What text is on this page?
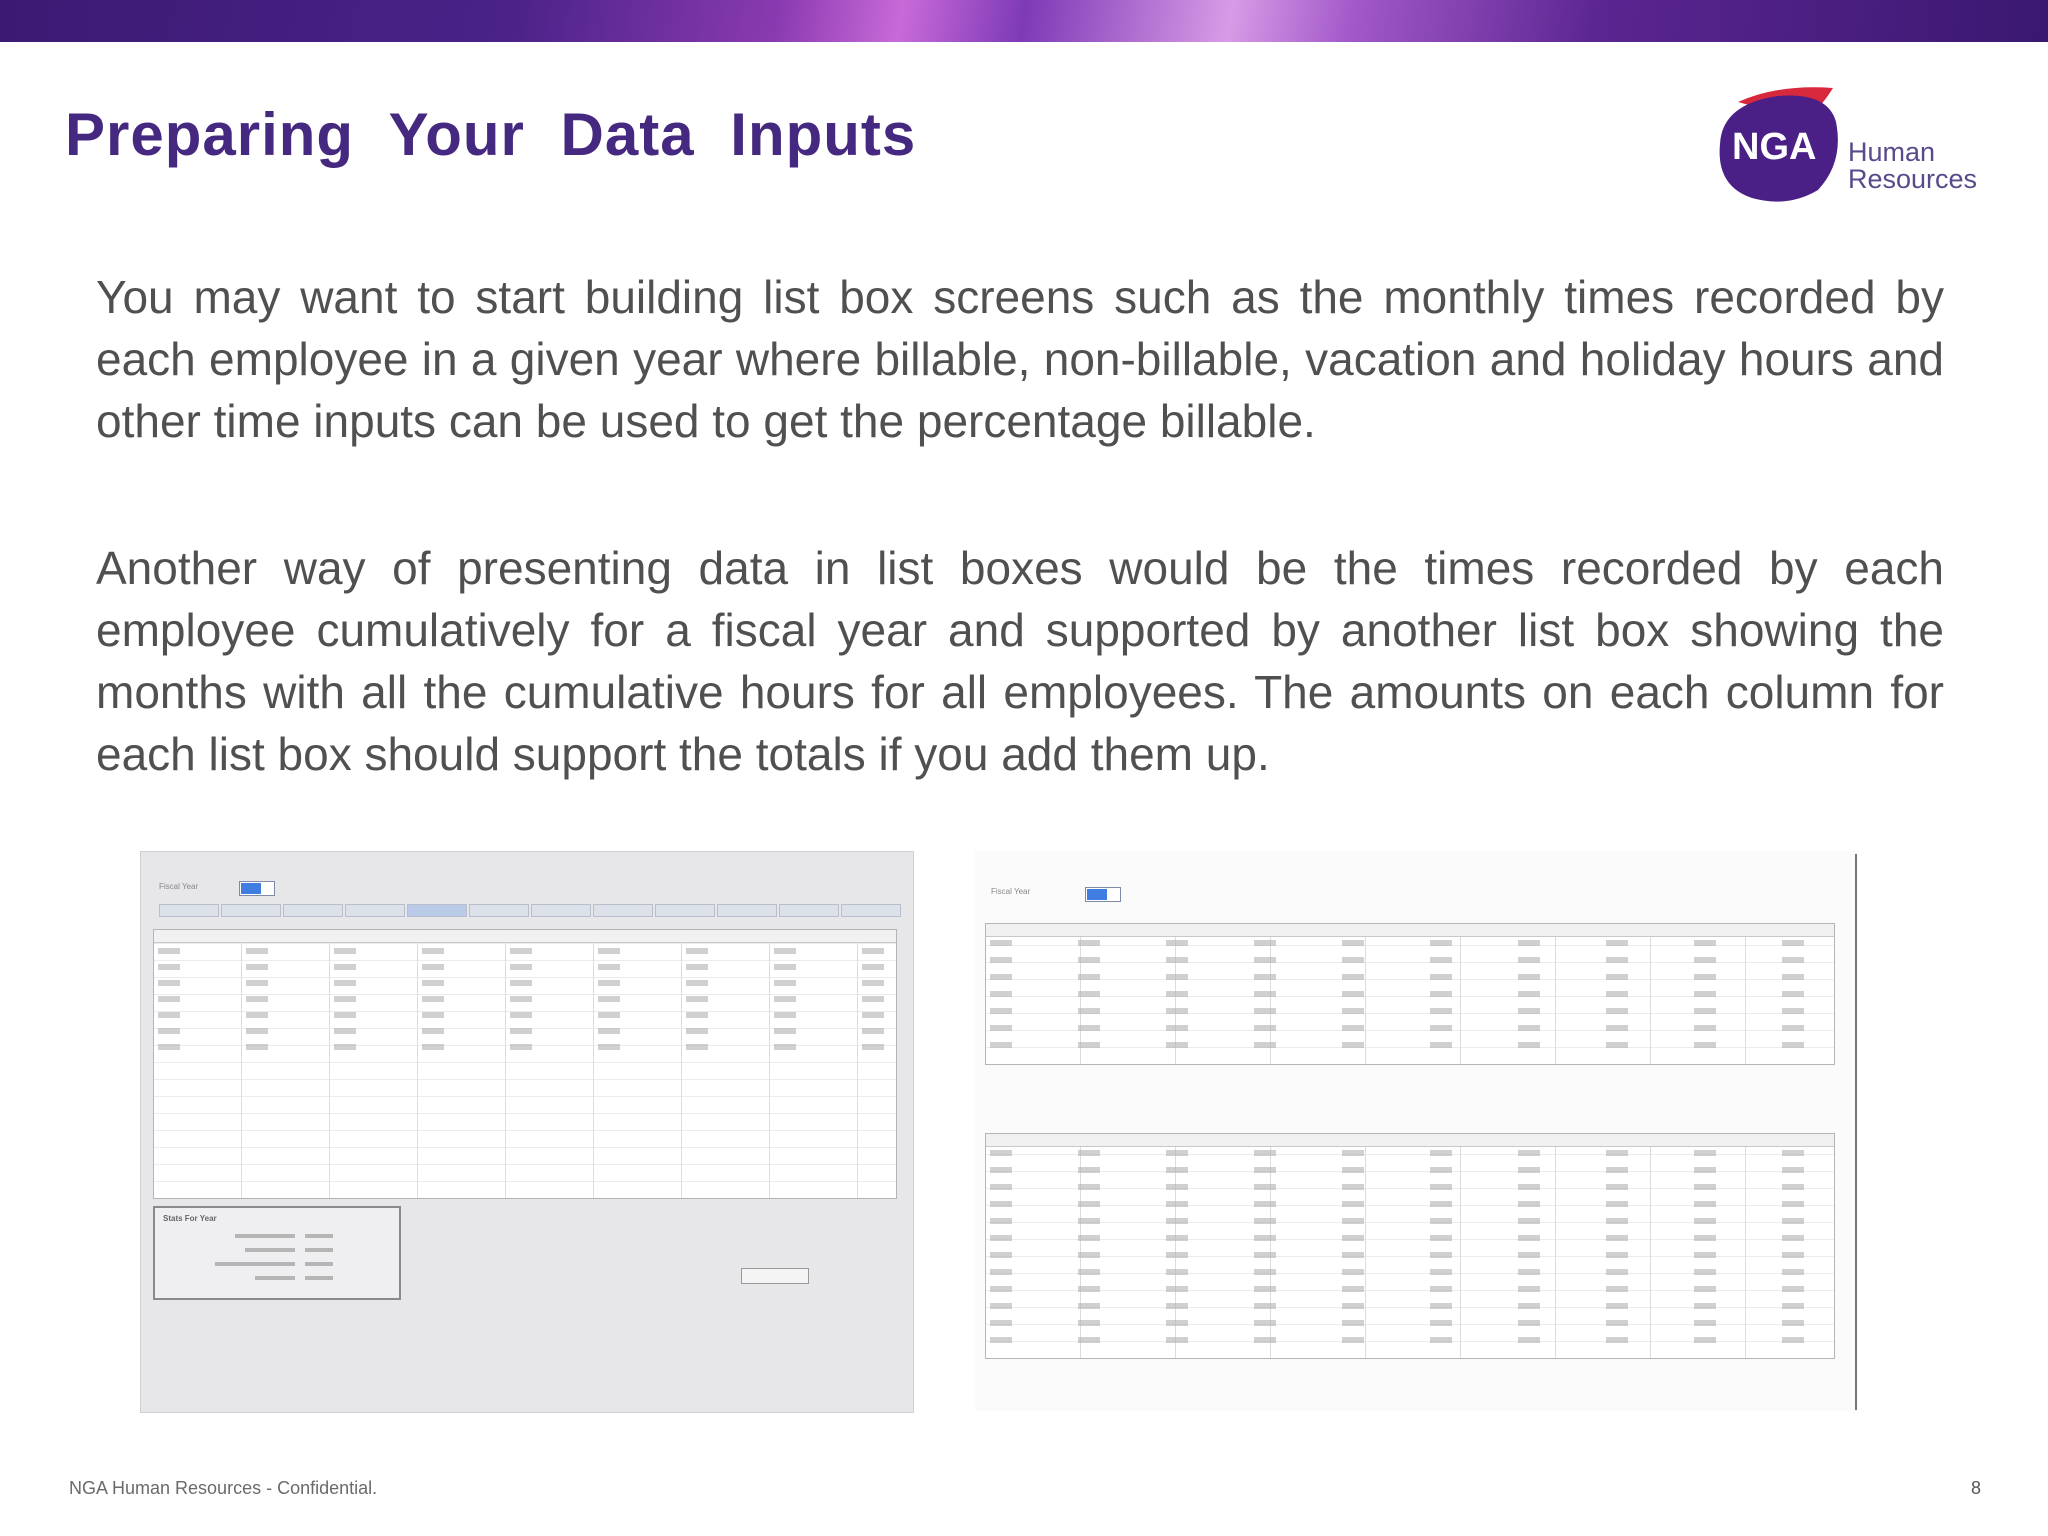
Preparing Your Data Inputs	NGA Human
Resources

You may want to start building list box screens such as the monthly times recorded by each employee in a given year where billable, non-billable, vacation and holiday hours and other time inputs can be used to get the percentage billable.

Another way of presenting data in list boxes would be the times recorded by each employee cumulatively for a fiscal year and supported by another list box showing the months with all the cumulative hours for all employees. The amounts on each column for each list box should support the totals if you add them up.

Fiscal Year
Stats For Year
Fiscal Year
NGA Human Resources - Confidential.	8
